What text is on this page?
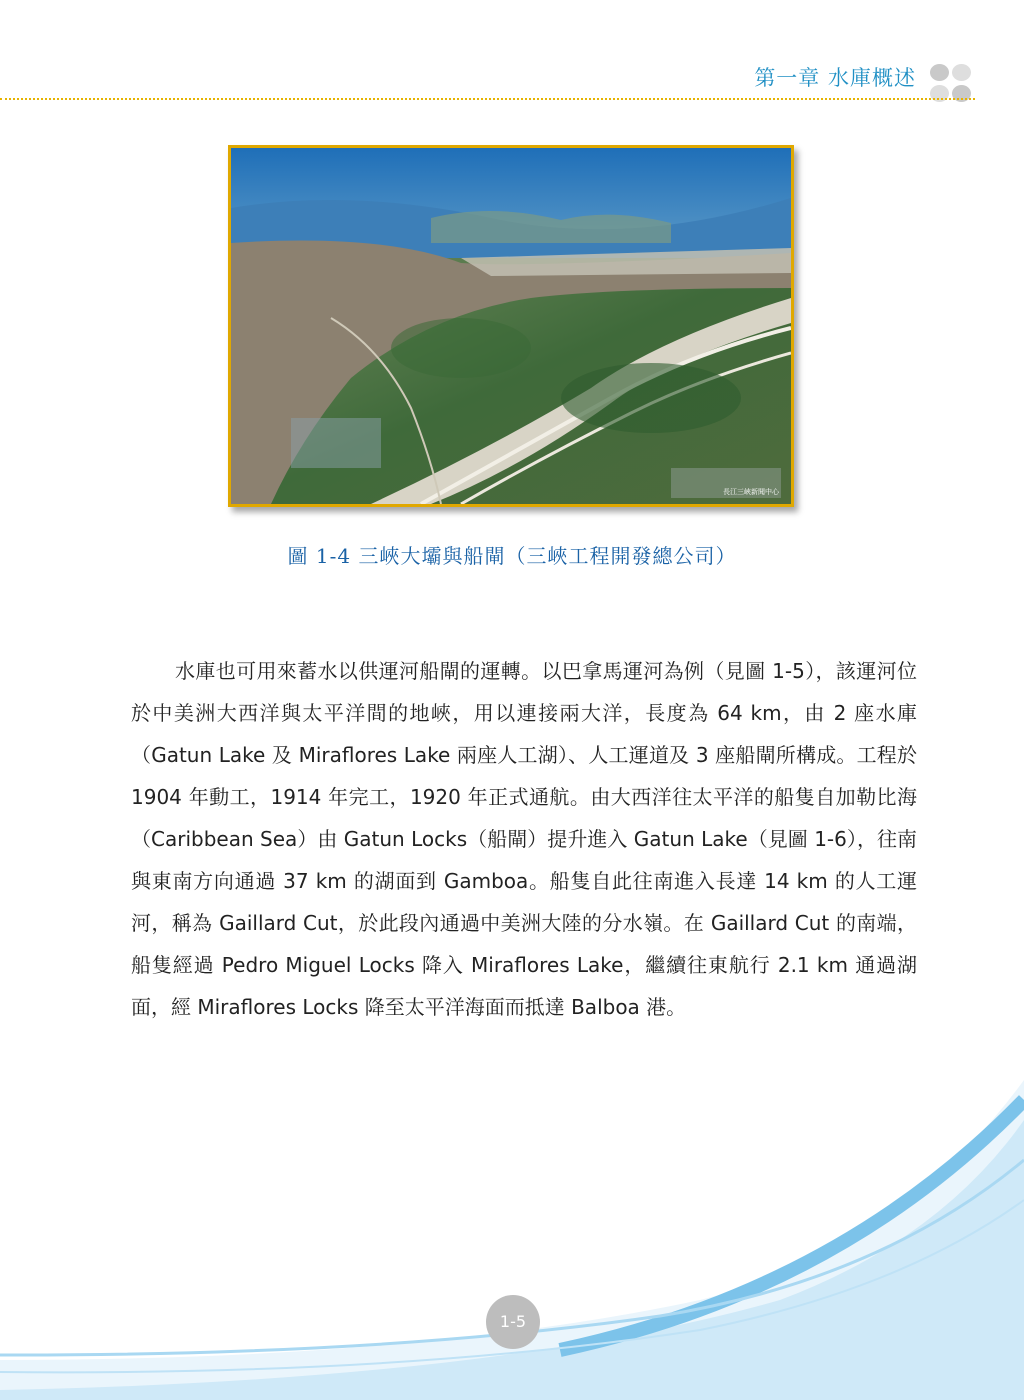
第一章 水庫概述
長江三峽新聞中心
圖 1-4 三峽大壩與船閘（三峽工程開發總公司）
水庫也可用來蓄水以供運河船閘的運轉。以巴拿馬運河為例（見圖 1-5），該運河位於中美洲大西洋與太平洋間的地峽，用以連接兩大洋，長度為 64 km，由 2 座水庫（Gatun Lake 及 Miraflores Lake 兩座人工湖）、人工運道及 3 座船閘所構成。工程於 1904 年動工，1914 年完工，1920 年正式通航。由大西洋往太平洋的船隻自加勒比海（Caribbean Sea）由 Gatun Locks（船閘）提升進入 Gatun Lake（見圖 1-6），往南與東南方向通過 37 km 的湖面到 Gamboa。船隻自此往南進入長達 14 km 的人工運河，稱為 Gaillard Cut，於此段內通過中美洲大陸的分水嶺。在 Gaillard Cut 的南端，船隻經過 Pedro Miguel Locks 降入 Miraflores Lake，繼續往東航行 2.1 km 通過湖面，經 Miraflores Locks 降至太平洋海面而抵達 Balboa 港。
1-5
